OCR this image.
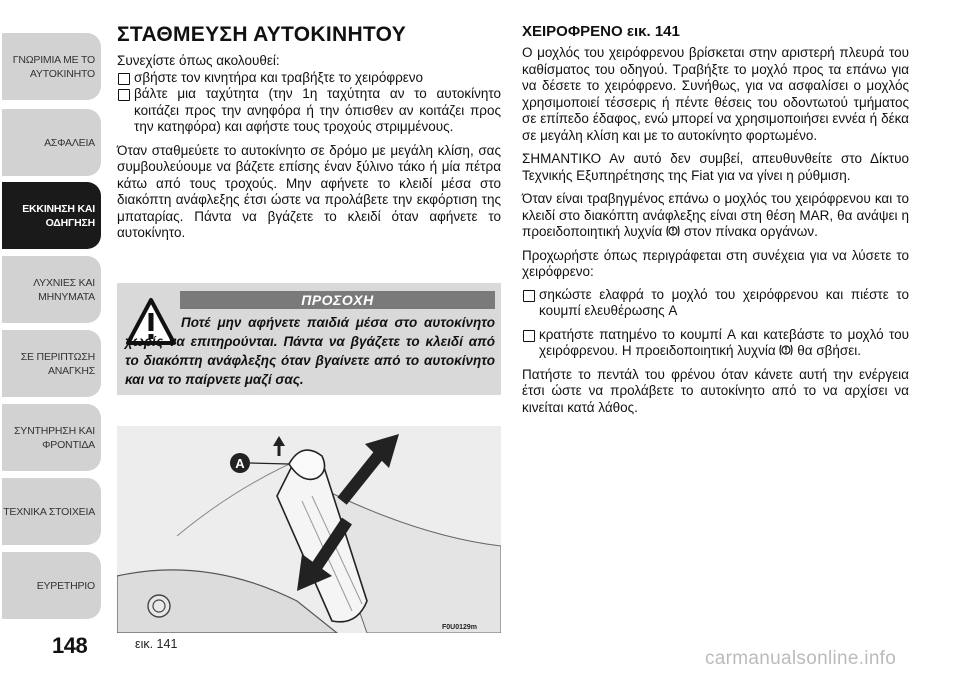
ΓΝΩΡΙΜΙΑ ΜΕ ΤΟ
ΑΥΤΟΚΙΝΗΤΟ
ΑΣΦΑΛΕΙΑ
ΕΚΚΙΝΗΣΗ ΚΑΙ
ΟΔΗΓΗΣΗ
ΛΥΧΝΙΕΣ ΚΑΙ
ΜΗΝΥΜΑΤΑ
ΣΕ ΠΕΡΙΠΤΩΣΗ
ΑΝΑΓΚΗΣ
ΣΥΝΤΗΡΗΣΗ ΚΑΙ
ΦΡΟΝΤΙΔΑ
ΤΕΧΝΙΚΑ ΣΤΟΙΧΕΙΑ
ΕΥΡΕΤΗΡΙΟ
148
ΣΤΑΘΜΕΥΣΗ ΑΥΤΟΚΙΝΗΤΟΥ

Συνεχίστε όπως ακολουθεί:

σβήστε τον κινητήρα και τραβήξτε το χειρόφρενο

βάλτε μια ταχύτητα (την 1η ταχύτητα αν το αυτοκίνητο κοιτάζει προς την ανηφόρα ή την όπισθεν αν κοιτάζει προς την κατηφόρα) και αφήστε τους τροχούς στριμμένους.

Όταν σταθμεύετε το αυτοκίνητο σε δρόμο με μεγάλη κλίση, σας συμβουλεύουμε να βάζετε επίσης έναν ξύλινο τάκο ή μία πέτρα κάτω από τους τροχούς. Μην αφήνετε το κλειδί μέσα στο διακόπτη ανάφλεξης έτσι ώστε να προλάβετε την εκφόρτιση της μπαταρίας. Πάντα να βγάζετε το κλειδί όταν αφήνετε το αυτοκίνητο.

ΠΡΟΣΟΧΗ
Ποτέ μην αφήνετε παιδιά μέσα στο αυτοκίνητο χωρίς να επιτηρούνται. Πάντα να βγάζετε το κλειδί από το διακόπτη ανάφλεξης όταν βγαίνετε από το αυτοκίνητο και να το παίρνετε μαζί σας.
A
F0U0129m
εικ. 141
ΧΕΙΡΟΦΡΕΝΟ εικ. 141

Ο μοχλός του χειρόφρενου βρίσκεται στην αριστερή πλευρά του καθίσματος του οδηγού. Τραβήξτε το μοχλό προς τα επάνω για να δέσετε το χειρόφρενο. Συνήθως, για να ασφαλίσει ο μοχλός χρησιμοποιεί τέσσερις ή πέντε θέσεις του οδοντωτού τμήματος σε επίπεδο έδαφος, ενώ μπορεί να χρησιμοποιήσει εννέα ή δέκα σε μεγάλη κλίση και με το αυτοκίνητο φορτωμένο.

ΣΗΜΑΝΤΙΚΟ Αν αυτό δεν συμβεί, απευθυνθείτε στο Δίκτυο Τεχνικής Εξυπηρέτησης της Fiat για να γίνει η ρύθμιση.

Όταν είναι τραβηγμένος επάνω ο μοχλός του χειρόφρενου και το κλειδί στο διακόπτη ανάφλεξης είναι στη θέση MAR, θα ανάψει η προειδοποιητική λυχνία στον πίνακα οργάνων.

Προχωρήστε όπως περιγράφεται στη συνέχεια για να λύσετε το χειρόφρενο:

σηκώστε ελαφρά το μοχλό του χειρόφρενου και πιέστε το κουμπί ελευθέρωσης A

κρατήστε πατημένο το κουμπί A και κατεβάστε το μοχλό του χειρόφρενου. Η προειδοποιητική λυχνία θα σβήσει.

Πατήστε το πεντάλ του φρένου όταν κάνετε αυτή την ενέργεια έτσι ώστε να προλάβετε το αυτοκίνητο από το να αρχίσει να κινείται κατά λάθος.

carmanualsonline.info
